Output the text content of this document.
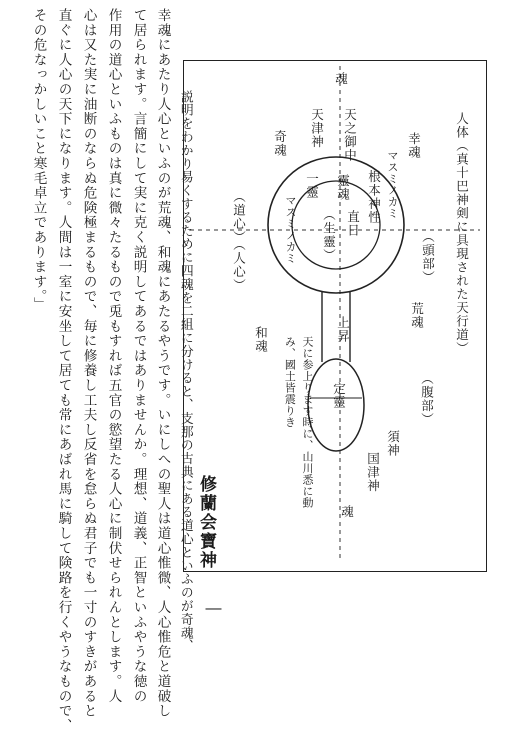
幸魂にあたり人心といふのが荒魂、和魂にあたるやうです。いにしへの聖人は道心惟微、人心惟危と道破し
て居られます。言簡にして実に克く説明してあるではありませんか。理想、道義、正智といふやうな徳の
作用の道心といふものは真に微々たるもので兎もすれば五官の慾望たる人心に制伏せられんとします。人
心は又た実に油断のならぬ危険極まるもので、毎に修養し工夫し反省を怠らぬ君子でも一寸のすきがあると
直ぐに人心の天下になります。人間は一室に安坐して居ても常にあばれ馬に騎して険路を行くやうなもので、
その危なっかしいこと寒毛卓立であります。」	説明をわかり易くするために四魂を二組に分けると、支那の古典にある道心といふのが奇魂、	人体（真十巴神剣に具現された天行道）
魂
天之御中
天津神
奇魂	幸魂
（頭部）
一靈 靈魂	マスミノカミ
根本神性
直日
（生靈）
マスミノカミ
（道心）（人心）
荒魂
和魂	上昇
（腹部）
定靈
須神
国津神
魂
天に参上ります時に、山川悉に動み、國土皆震りき
修蘭会寶神
―
